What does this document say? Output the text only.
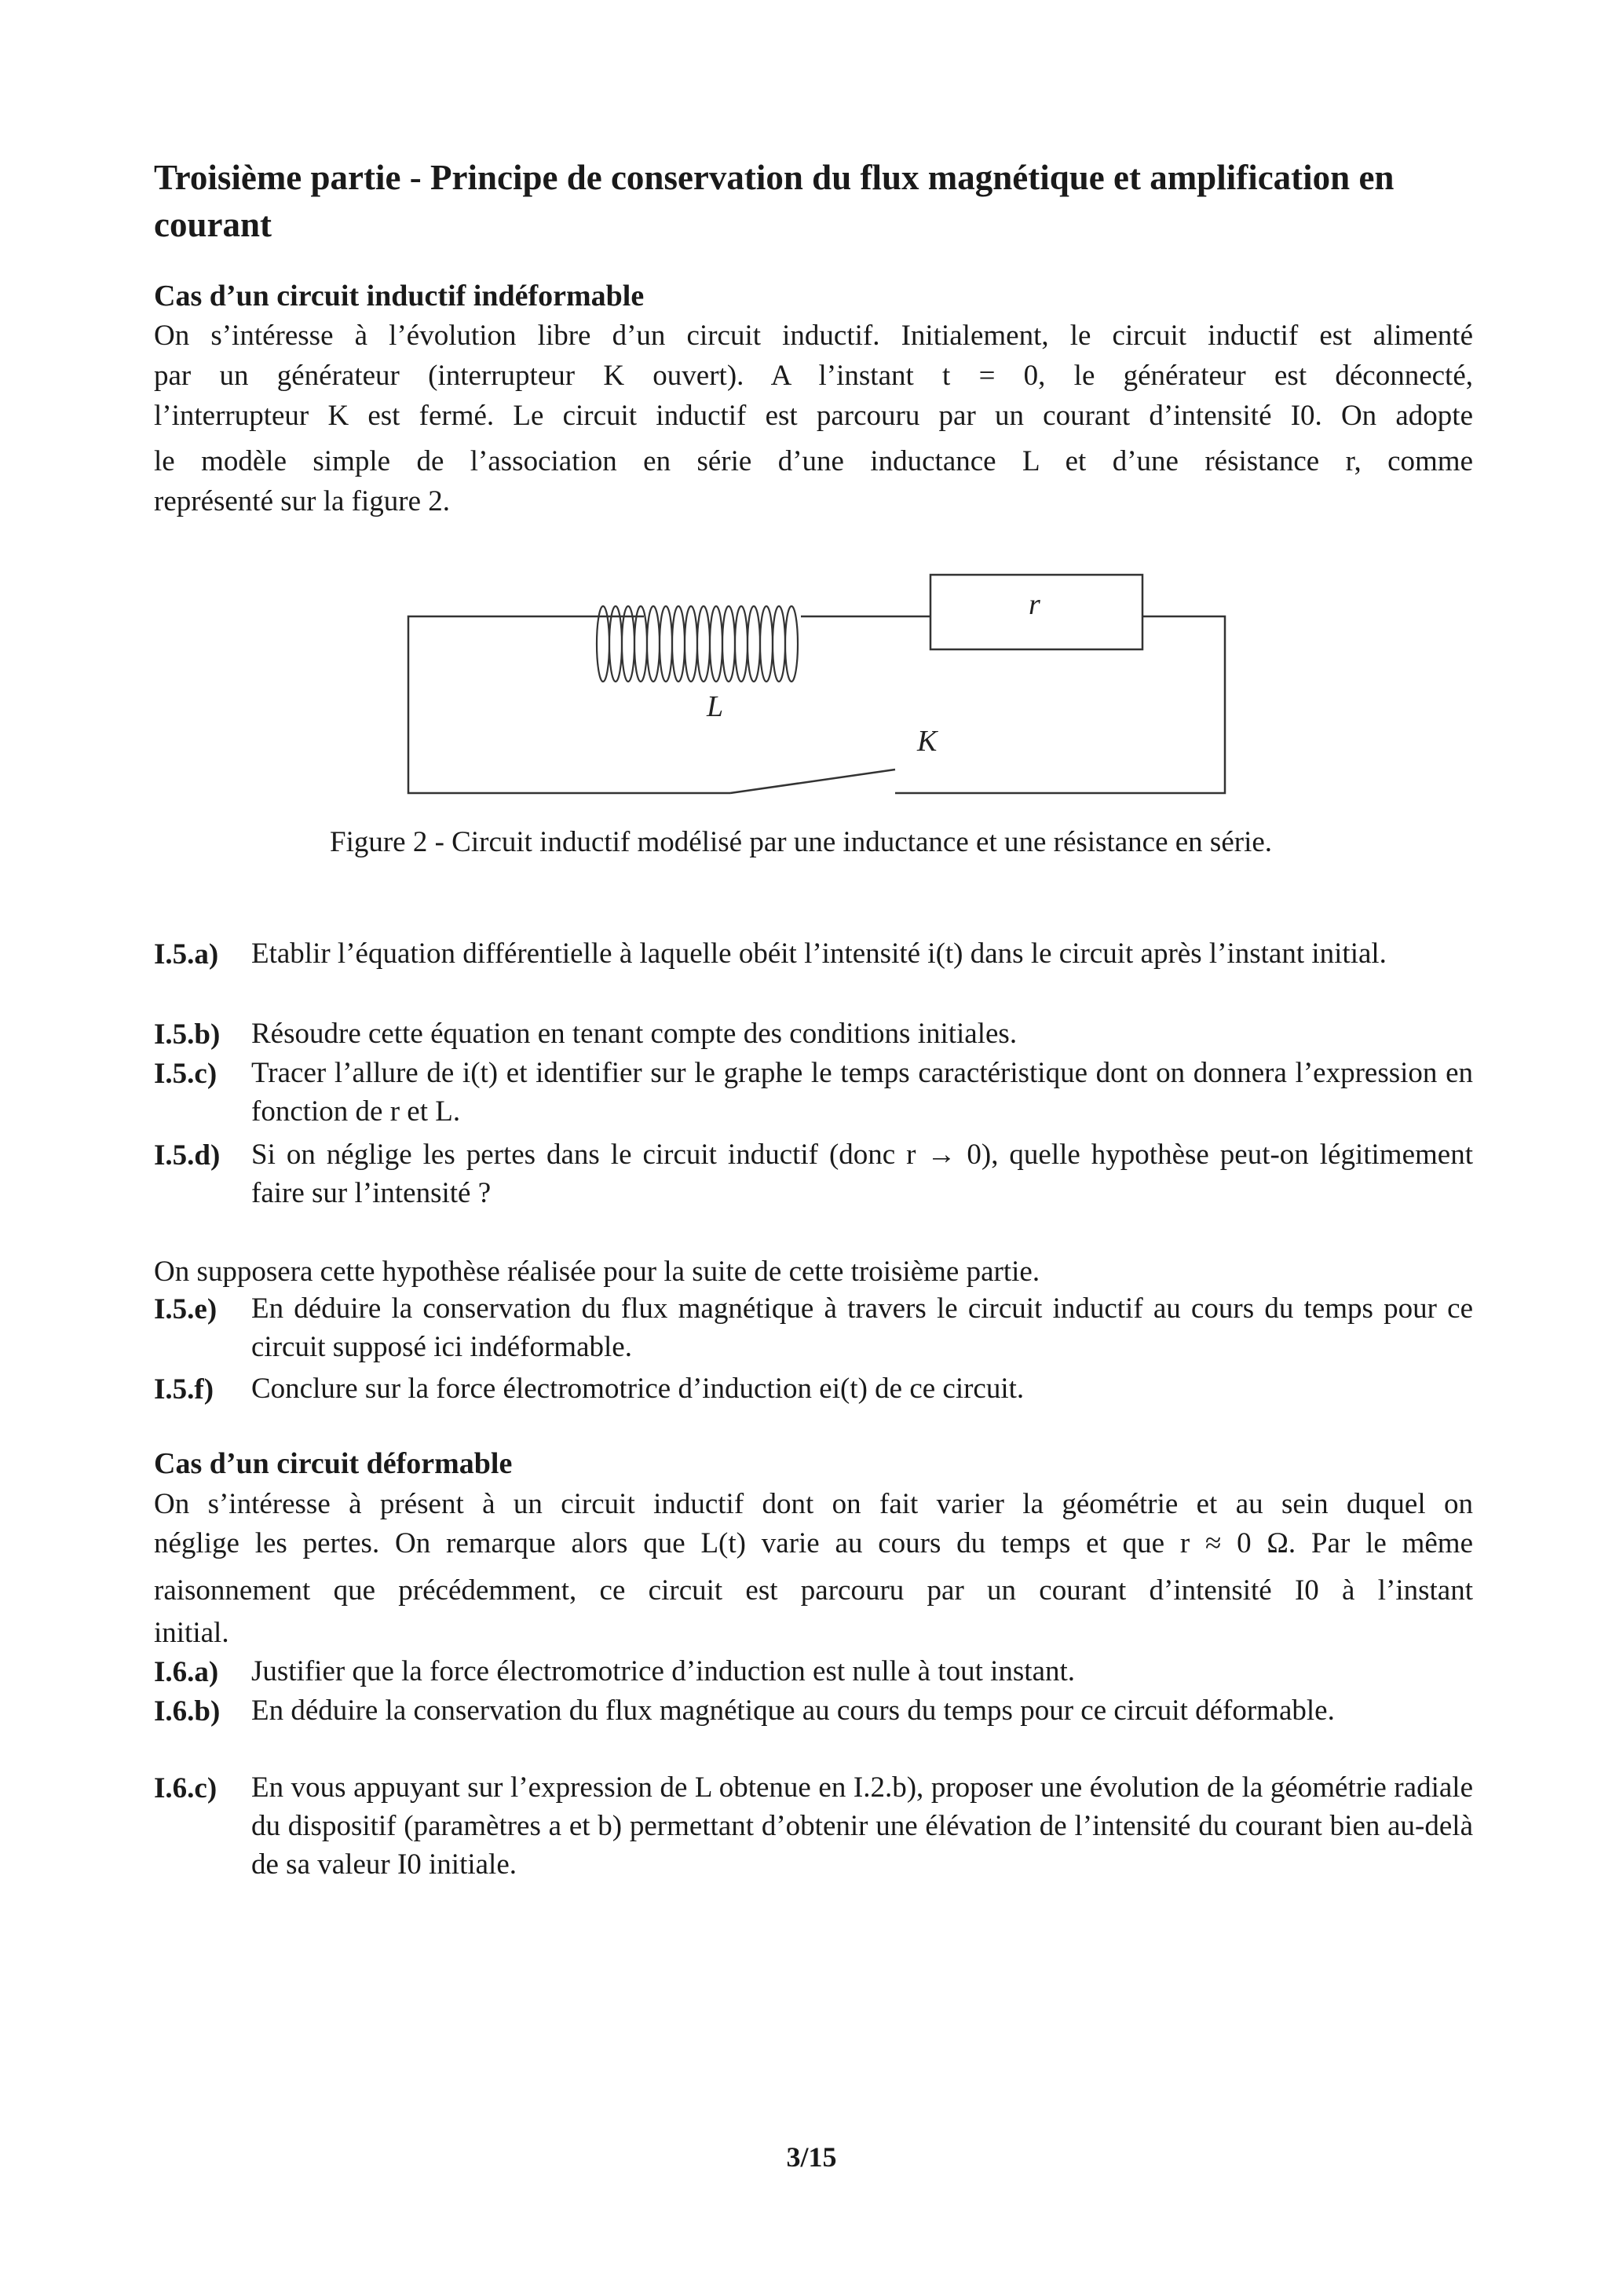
Troisième partie - Principe de conservation du flux magnétique et amplification en courant
Cas d’un circuit inductif indéformable
On s’intéresse à l’évolution libre d’un circuit inductif. Initialement, le circuit inductif est alimenté
par un générateur (interrupteur K ouvert). A l’instant t = 0, le générateur est déconnecté,
l’interrupteur K est fermé. Le circuit inductif est parcouru par un courant d’intensité I0. On adopte
le modèle simple de l’association en série d’une inductance L et d’une résistance r, comme
représenté sur la figure 2.
r
L
K
Figure 2 - Circuit inductif modélisé par une inductance et une résistance en série.
I.5.a) Etablir l’équation différentielle à laquelle obéit l’intensité i(t) dans le circuit après l’instant initial.
I.5.b) Résoudre cette équation en tenant compte des conditions initiales.
I.5.c) Tracer l’allure de i(t) et identifier sur le graphe le temps caractéristique dont on donnera l’expression en fonction de r et L.
I.5.d) Si on néglige les pertes dans le circuit inductif (donc r → 0), quelle hypothèse peut-on légitimement faire sur l’intensité ?
On supposera cette hypothèse réalisée pour la suite de cette troisième partie.
I.5.e) En déduire la conservation du flux magnétique à travers le circuit inductif au cours du temps pour ce circuit supposé ici indéformable.
I.5.f) Conclure sur la force électromotrice d’induction ei(t) de ce circuit.
Cas d’un circuit déformable
On s’intéresse à présent à un circuit inductif dont on fait varier la géométrie et au sein duquel on
néglige les pertes. On remarque alors que L(t) varie au cours du temps et que r ≈ 0 Ω. Par le même
raisonnement que précédemment, ce circuit est parcouru par un courant d’intensité I0 à l’instant
initial.
I.6.a) Justifier que la force électromotrice d’induction est nulle à tout instant.
I.6.b) En déduire la conservation du flux magnétique au cours du temps pour ce circuit déformable.
I.6.c) En vous appuyant sur l’expression de L obtenue en I.2.b), proposer une évolution de la géométrie radiale du dispositif (paramètres a et b) permettant d’obtenir une élévation de l’intensité du courant bien au-delà de sa valeur I0 initiale.
3/15
